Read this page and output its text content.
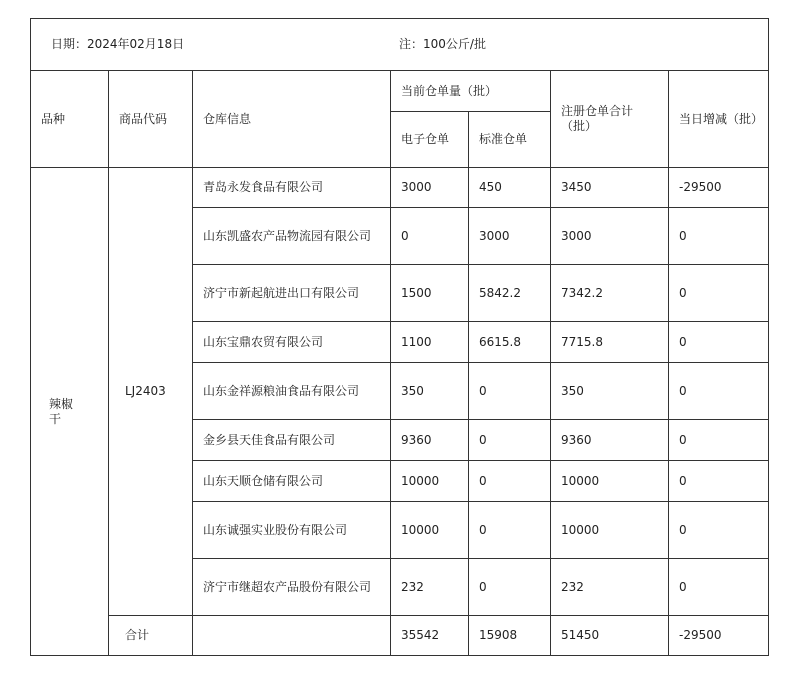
日期：2024年02月18日 注：100公斤/批						
品种	商品代码	仓库信息	当前仓单量（批）		注册仓单合计（批）	当日增减（批）
			电子仓单	标准仓单		
辣椒干	LJ2403	青岛永发食品有限公司	3000	450	3450	-29500
		山东凯盛农产品物流园有限公司	0	3000	3000	0
		济宁市新起航进出口有限公司	1500	5842.2	7342.2	0
		山东宝鼎农贸有限公司	1100	6615.8	7715.8	0
		山东金祥源粮油食品有限公司	350	0	350	0
		金乡县天佳食品有限公司	9360	0	9360	0
		山东天顺仓储有限公司	10000	0	10000	0
		山东诚强实业股份有限公司	10000	0	10000	0
		济宁市继超农产品股份有限公司	232	0	232	0
	合计		35542	15908	51450	-29500
